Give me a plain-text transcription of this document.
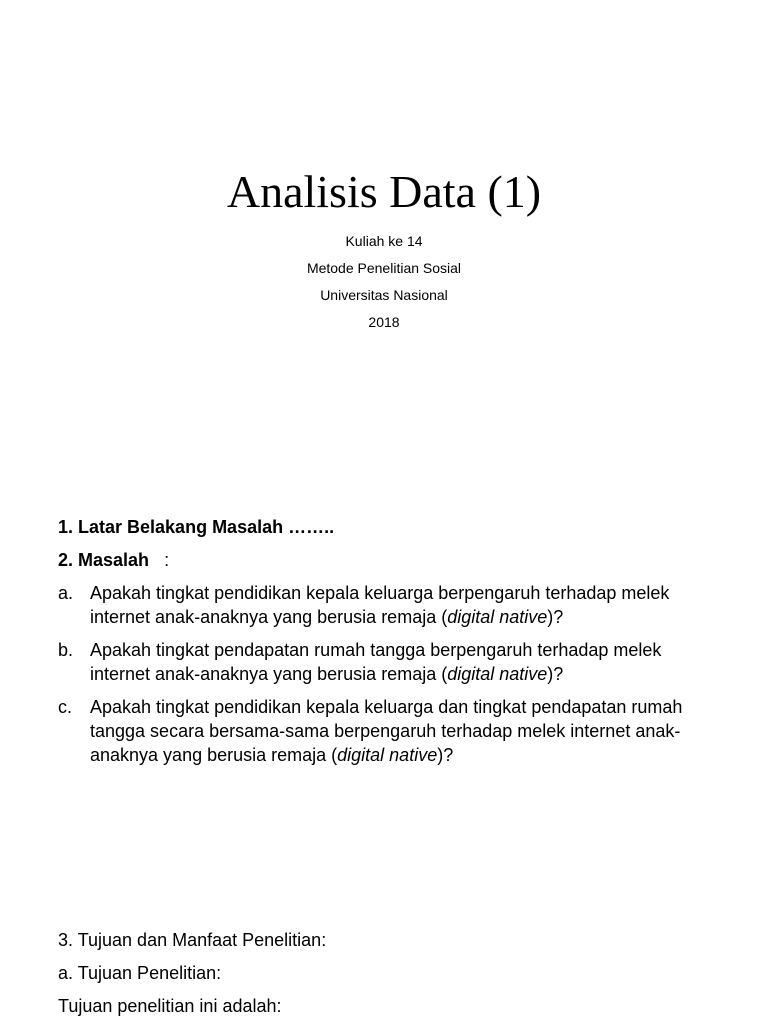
Analisis Data (1)
Kuliah ke 14
Metode Penelitian Sosial
Universitas Nasional
2018
1. Latar Belakang Masalah ……..
2. Masalah :
a. Apakah tingkat pendidikan kepala keluarga berpengaruh terhadap melek internet anak-anaknya yang berusia remaja (digital native)?
b. Apakah tingkat pendapatan rumah tangga berpengaruh terhadap melek internet anak-anaknya yang berusia remaja (digital native)?
c. Apakah tingkat pendidikan kepala keluarga dan tingkat pendapatan rumah tangga secara bersama-sama berpengaruh terhadap melek internet anak-anaknya yang berusia remaja (digital native)?
3. Tujuan dan Manfaat Penelitian:
a. Tujuan Penelitian:
Tujuan penelitian ini adalah:
